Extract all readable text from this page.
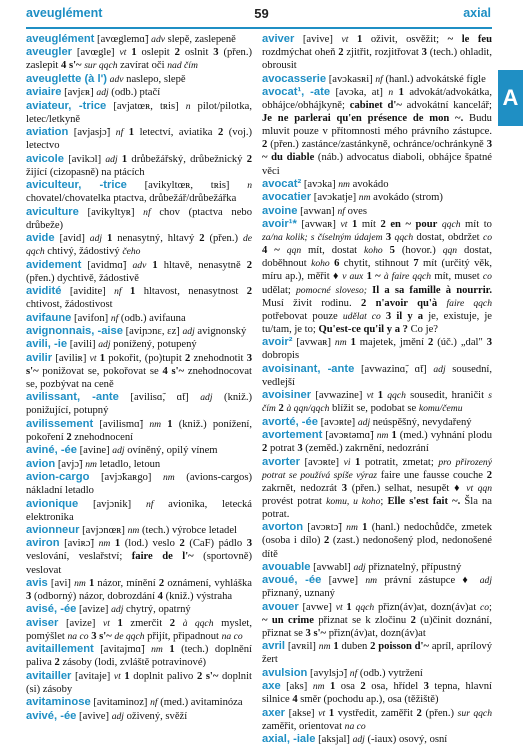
aveuglément	59	axial
A
aveuglément [avœglemɑ̃] adv slepě, zaslepeně
aveugler [avœgle] vt 1 oslepit 2 oslnit 3 (přen.) zaslepit 4 s'~ sur qqch zavírat oči nad čím
aveuglette (à l') adv naslepo, slepě
aviaire [avjɛʀ] adj (odb.) ptačí
aviateur, -trice [avjatœʀ, tʀis] n pilot/pilotka, letec/letkyně
aviation [avjasjɔ̃] nf 1 letectví, aviatika 2 (voj.) letectvo
avicole [avikɔl] adj 1 drůbežářský, drůbežnický 2 žijící (cizopasně) na ptácích
aviculteur, -trice [avikyltœʀ, tʀis] n chovatel/chovatelka ptactva, drůbežář/drůbežářka
aviculture [avikyltyʀ] nf chov (ptactva nebo drůbeže)
avide [avid] adj 1 nenasytný, hltavý 2 (přen.) de qqch chtivý, žádostivý čeho
avidement [avidmɑ̃] adv 1 hltavě, nenasytně 2 (přen.) dychtivě, žádostivě
avidité [avidite] nf 1 hltavost, nenasytnost 2 chtivost, žádostivost
avifaune [avifon] nf (odb.) avifauna
avignonnais, -aise [aviɲɔnɛ, ɛz] adj avignonský
avili, -ie [avili] adj ponížený, potupený
avilir [aviliʀ] vt 1 pokořit, (po)tupit 2 znehodnotit 3 s'~ ponižovat se, pokořovat se 4 s'~ znehodnocovat se, pozbývat na ceně
avilissant, -ante [avilisɑ̃, ɑ̃t] adj (kniž.) ponižující, potupný
avilissement [avilismɑ̃] nm 1 (kniž.) ponížení, pokoření 2 znehodnocení
aviné, -ée [avine] adj ovíněný, opilý vínem
avion [avjɔ̃] nm letadlo, letoun
avion-cargo [avjɔ̃kaʀgo] nm (avions-cargos) nákladní letadlo
avionique [avjɔnik] nf avionika, letecká elektronika
avionneur [avjɔnœʀ] nm (tech.) výrobce letadel
aviron [aviʀɔ̃] nm 1 (lod.) veslo 2 (CaF) pádlo 3 veslování, veslařství; faire de l'~ (sportovně) veslovat
avis [avi] nm 1 názor, mínění 2 oznámení, vyhláška 3 (odborný) názor, dobrozdání 4 (kniž.) výstraha
avisé, -ée [avize] adj chytrý, opatrný
aviser [avize] vt 1 zmerčit 2 à qqch myslet, pomýšlet na co 3 s'~ de qqch přijít, připadnout na co
avitaillement [avitajmɑ̃] nm 1 (tech.) doplnění paliva 2 zásoby (lodi, zvláště potravinové)
avitailler [avitaje] vt 1 doplnit palivo 2 s'~ doplnit (si) zásoby
avitaminose [avitaminoz] nf (med.) avitaminóza
avivé, -ée [avive] adj oživený, svěží
aviver [avive] vt 1 oživit, osvěžit; ~ le feu rozdmýchat oheň 2 zjitřit, rozjitřovat 3 (tech.) ohladit, obrousit
avocasserie [avɔkasʀi] nf (hanl.) advokátské fígle
avocat¹, -ate [avɔka, at] n 1 advokát/advokátka, obhájce/obhájkyně; cabinet d'~ advokátní kancelář; Je ne parlerai qu'en présence de mon ~. Budu mluvit pouze v přítomnosti mého právního zástupce. 2 (přen.) zastánce/zastánkyně, ochránce/ochránkyně 3 ~ du diable (náb.) advocatus diaboli, obhájce špatné věci
avocat² [avɔka] nm avokádo
avocatier [avɔkatje] nm avokádo (strom)
avoine [avwan] nf oves
avoir¹* [avwaʀ] vt 1 mít 2 en ~ pour qqch mít to za/na kolik; s číselným údajem 3 qqch dostat, obdržet co 4 ~ qqn mít, dostat koho 5 (hovor.) qqn dostat, doběhnout koho 6 chytit, stihnout 7 mít (určitý věk, míru ap.), měřit ♦ v aux 1 ~ à faire qqch mít, muset co udělat; pomocné sloveso; Il a sa famille à nourrir. Musí živit rodinu. 2 n'avoir qu'à faire qqch potřebovat pouze udělat co 3 il y a je, existuje, je tu/tam, je to; Qu'est-ce qu'il y a ? Co je?
avoir² [avwaʀ] nm 1 majetek, jmění 2 (úč.) „dal" 3 dobropis
avoisinant, -ante [avwazinɑ̃, ɑ̃t] adj sousední, vedlejší
avoisiner [avwazine] vt 1 qqch sousedit, hraničit s čím 2 à qqn/qqch blížit se, podobat se komu/čemu
avorté, -ée [avɔʀte] adj neúspěšný, nevydařený
avortement [avɔʀtəmɑ̃] nm 1 (med.) vyhnání plodu 2 potrat 3 (zeměd.) zakrnění, nedozrání
avorter [avɔʀte] vi 1 potratit, zmetat; pro přirozený potrat se používá spíše výraz faire une fausse couche 2 zakrnět, nedozrát 3 (přen.) selhat, nesupět ♦ vt qqn provést potrat komu, u koho; Elle s'est fait ~. Šla na potrat.
avorton [avɔʀtɔ̃] nm 1 (hanl.) nedochůdče, zmetek (osoba i dílo) 2 (zast.) nedonošený plod, nedonošené dítě
avouable [avwabl] adj přiznatelný, přípustný
avoué, -ée [avwe] nm právní zástupce ♦ adj přiznaný, uznaný
avouer [avwe] vt 1 qqch přizn(áv)at, dozn(áv)at co; ~ un crime přiznat se k zločinu 2 (u)činit doznání, přiznat se 3 s'~ přizn(áv)at, dozn(áv)at
avril [avʀil] nm 1 duben 2 poisson d'~ apríl, aprílový žert
avulsion [avylsjɔ̃] nf (odb.) vytržení
axe [aks] nm 1 osa 2 osa, hřídel 3 tepna, hlavní silnice 4 směr (pochodu ap.), osa (těžiště)
axer [akse] vt 1 vystředit, zaměřit 2 (přen.) sur qqch zaměřit, orientovat na co
axial, -iale [aksjal] adj (-iaux) osový, osní
